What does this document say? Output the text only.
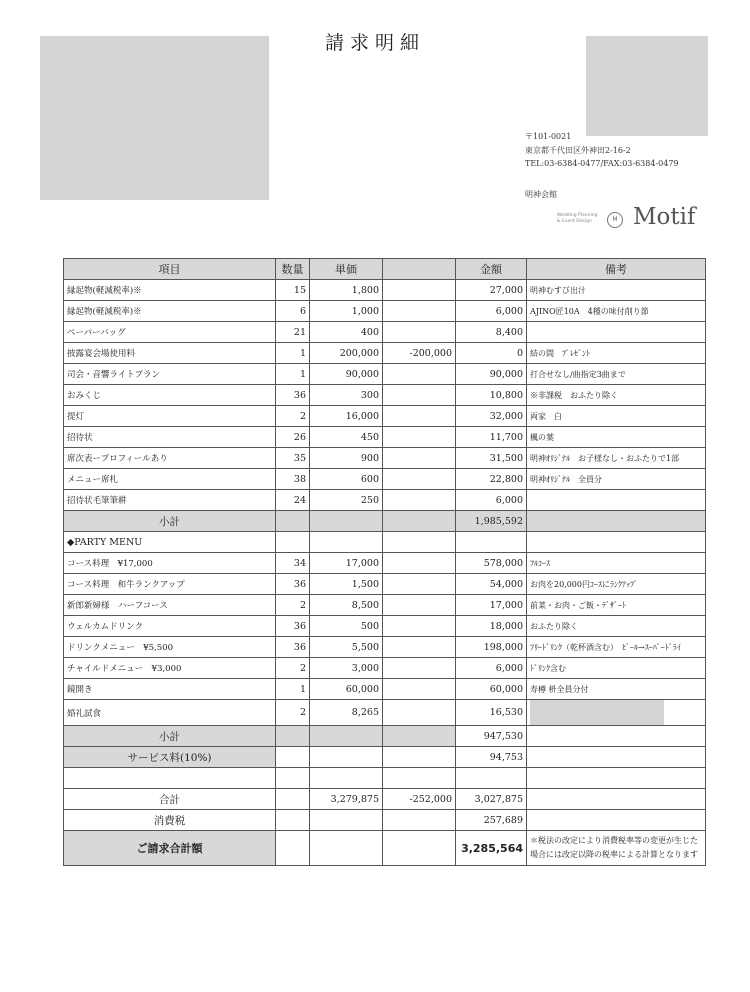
請求明細
〒101-0021
東京都千代田区外神田2-16-2
TEL:03-6384-0477/FAX:03-6384-0479
明神会館
Wedding Planning
& Event Design	M Motif
項目	数量	単価		金額	備考
縁起物(軽減税率)※	15	1,800		27,000	明神むすび出汁
縁起物(軽減税率)※	6	1,000		6,000	AJINO匠10A　4種の味付削り節
ペーパーバッグ	21	400		8,400	
披露宴会場使用料	1	200,000	-200,000	0	結の間　ﾌﾟﾚｾﾞﾝﾄ
司会・音響ライトプラン	1	90,000		90,000	打合せなし/曲指定3曲まで
おみくじ	36	300		10,800	※非課税　おふたり除く
提灯	2	16,000		32,000	両家　白
招待状	26	450		11,700	楓の葉
席次表ープロフィールあり	35	900		31,500	明神ｵﾘｼﾞﾅﾙ　お子様なし・おふたりで1部
メニュー席札	38	600		22,800	明神ｵﾘｼﾞﾅﾙ　全員分
招待状毛筆筆耕	24	250		6,000	
小計				1,985,592	
◆PARTY MENU					
コース料理　¥17,000	34	17,000		578,000	ﾌﾙｺｰｽ
コース料理　和牛ランクアップ	36	1,500		54,000	お肉を20,000円ｺｰｽにﾗﾝｸｱｯﾌﾟ
新郎新婦様　ハーフコース	2	8,500		17,000	前菜・お肉・ご飯・ﾃﾞｻﾞｰﾄ
ウェルカムドリンク	36	500		18,000	おふたり除く
ドリンクメニュー　¥5,500	36	5,500		198,000	ﾌﾘｰﾄﾞﾘﾝｸ（乾杯酒含む）　ﾋﾞｰﾙ→ｽｰﾊﾟｰﾄﾞﾗｲ
チャイルドメニュー　¥3,000	2	3,000		6,000	ﾄﾞﾘﾝｸ含む
鏡開き	1	60,000		60,000	寿樽 枡全員分付
婚礼試食	2	8,265		16,530	
小計				947,530	
サービス料(10%)				94,753	

合計		3,279,875	-252,000	3,027,875	
消費税				257,689	
ご請求合計額				3,285,564	＊税法の改定により消費税率等の変更が生じた場合には改定以降の税率による計算となります
